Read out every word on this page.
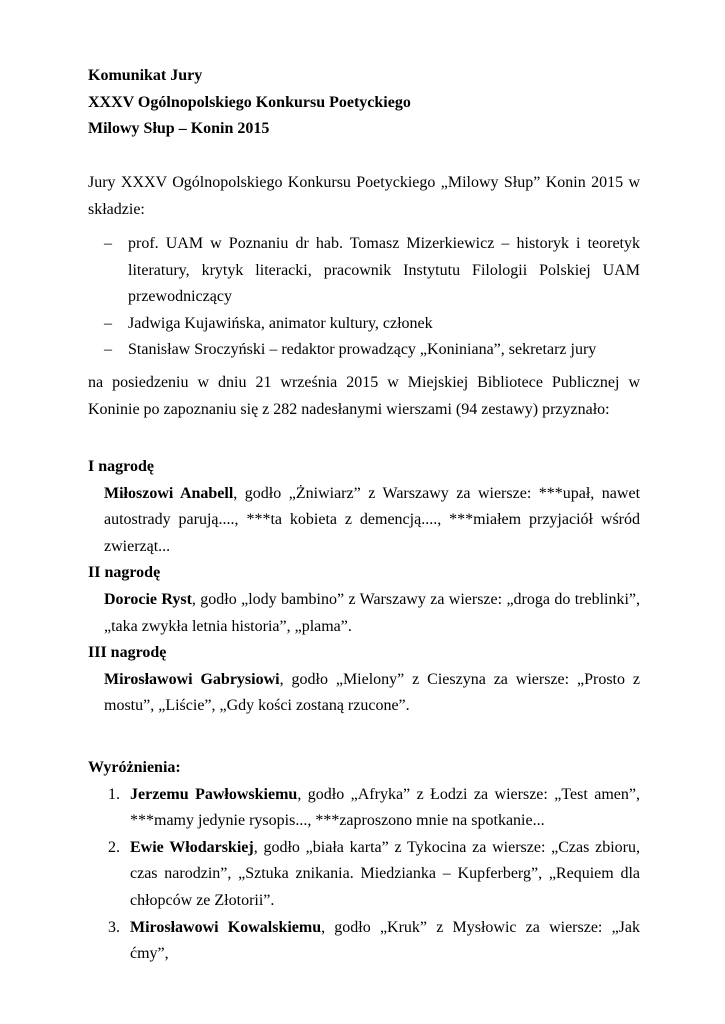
Komunikat Jury
XXXV Ogólnopolskiego Konkursu Poetyckiego
Milowy Słup – Konin 2015
Jury XXXV Ogólnopolskiego Konkursu Poetyckiego „Milowy Słup” Konin 2015 w składzie:
– prof. UAM w Poznaniu dr hab. Tomasz Mizerkiewicz – historyk i teoretyk literatury, krytyk literacki, pracownik Instytutu Filologii Polskiej UAM przewodniczący
– Jadwiga Kujawińska, animator kultury, członek
– Stanisław Sroczyński – redaktor prowadzący „Koniniana”, sekretarz jury
na posiedzeniu w dniu 21 września 2015 w Miejskiej Bibliotece Publicznej w Koninie po zapoznaniu się z 282 nadesłanymi wierszami (94 zestawy) przyznało:
I nagrodę
Miłoszowi Anabell, godło „Żniwiarz” z Warszawy za wiersze: ***upał, nawet autostrady parują...., ***ta kobieta z demencją...., ***miałem przyjaciół wśród zwierząt...
II nagrodę
Dorocie Ryst, godło „lody bambino” z Warszawy za wiersze: „droga do treblinki”, „taka zwykła letnia historia”, „plama”.
III nagrodę
Mirosławowi Gabrysiowi, godło „Mielony” z Cieszyna za wiersze: „Prosto z mostu”, „Liście”, „Gdy kości zostaną rzucone”.
Wyróżnienia:
1. Jerzemu Pawłowskiemu, godło „Afryka” z Łodzi za wiersze: „Test amen”, ***mamy jedynie rysopis..., ***zaproszono mnie na spotkanie...
2. Ewie Włodarskiej, godło „biała karta” z Tykocina za wiersze: „Czas zbioru, czas narodzin”, „Sztuka znikania. Miedzianka – Kupferberg”, „Requiem dla chłopców ze Złotorii”.
3. Mirosławowi Kowalskiemu, godło „Kruk” z Mysłowic za wiersze: „Jak ćmy”,
